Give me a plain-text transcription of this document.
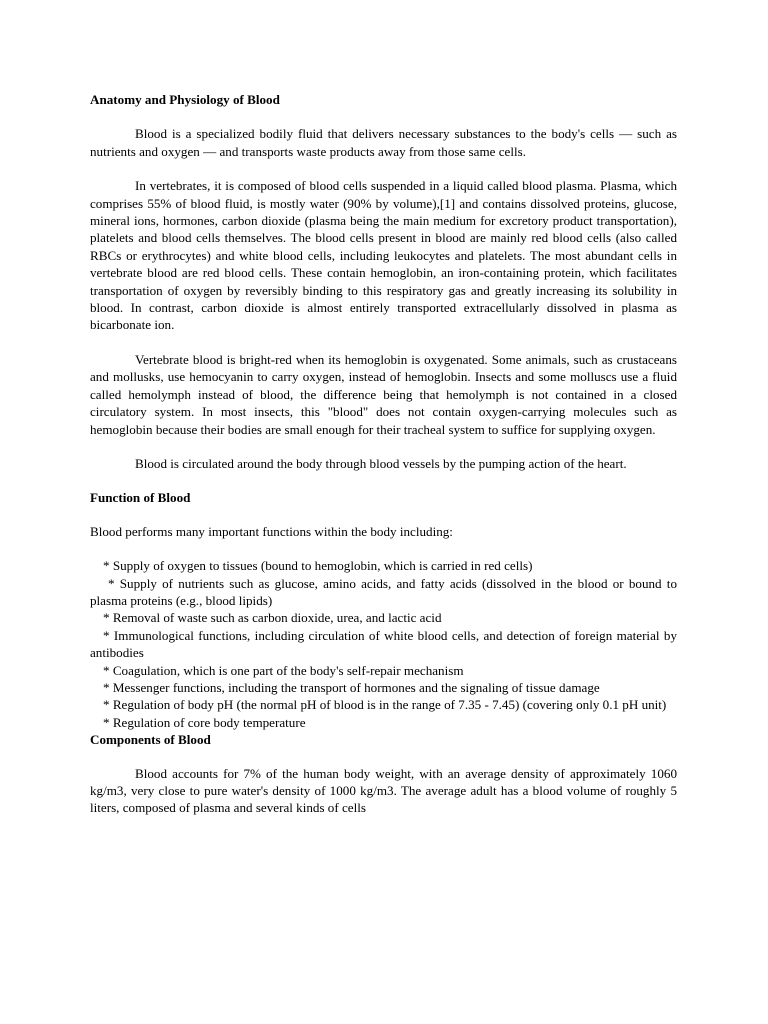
Anatomy and Physiology of Blood

Blood is a specialized bodily fluid that delivers necessary substances to the body's cells — such as nutrients and oxygen — and transports waste products away from those same cells.

In vertebrates, it is composed of blood cells suspended in a liquid called blood plasma. Plasma, which comprises 55% of blood fluid, is mostly water (90% by volume),[1] and contains dissolved proteins, glucose, mineral ions, hormones, carbon dioxide (plasma being the main medium for excretory product transportation), platelets and blood cells themselves. The blood cells present in blood are mainly red blood cells (also called RBCs or erythrocytes) and white blood cells, including leukocytes and platelets. The most abundant cells in vertebrate blood are red blood cells. These contain hemoglobin, an iron-containing protein, which facilitates transportation of oxygen by reversibly binding to this respiratory gas and greatly increasing its solubility in blood. In contrast, carbon dioxide is almost entirely transported extracellularly dissolved in plasma as bicarbonate ion.

Vertebrate blood is bright-red when its hemoglobin is oxygenated. Some animals, such as crustaceans and mollusks, use hemocyanin to carry oxygen, instead of hemoglobin. Insects and some molluscs use a fluid called hemolymph instead of blood, the difference being that hemolymph is not contained in a closed circulatory system. In most insects, this "blood" does not contain oxygen-carrying molecules such as hemoglobin because their bodies are small enough for their tracheal system to suffice for supplying oxygen.

Blood is circulated around the body through blood vessels by the pumping action of the heart.

Function of Blood

Blood performs many important functions within the body including:

* Supply of oxygen to tissues (bound to hemoglobin, which is carried in red cells)
* Supply of nutrients such as glucose, amino acids, and fatty acids (dissolved in the blood or bound to plasma proteins (e.g., blood lipids)
* Removal of waste such as carbon dioxide, urea, and lactic acid
* Immunological functions, including circulation of white blood cells, and detection of foreign material by antibodies
* Coagulation, which is one part of the body's self-repair mechanism
* Messenger functions, including the transport of hormones and the signaling of tissue damage
* Regulation of body pH (the normal pH of blood is in the range of 7.35 - 7.45) (covering only 0.1 pH unit)
* Regulation of core body temperature

Components of Blood

Blood accounts for 7% of the human body weight, with an average density of approximately 1060 kg/m3, very close to pure water's density of 1000 kg/m3. The average adult has a blood volume of roughly 5 liters, composed of plasma and several kinds of cells
